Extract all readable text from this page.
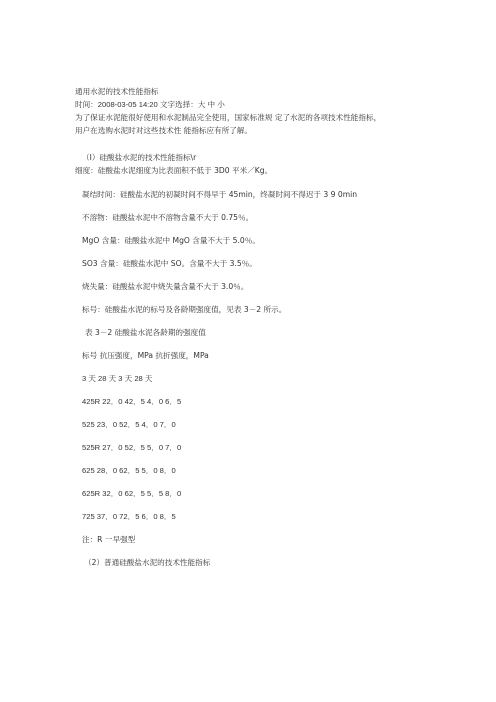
通用水泥的技术性能指标
时间：2008-03-05 14:20 文字选择：大 中 小
为了保证水泥能很好使用和水泥制品完全使用，国家标准规 定了水泥的各项技术性能指标，
用户在选购水泥时对这些技术性 能指标应有所了解。
（I）硅酸盐水泥的技术性能指标\r
细度：硅酸盐水泥细度为比表面积不低于 3D0 平米／Kg。
凝结时间：硅酸盐水泥的初凝时间不得早于 45min，终凝时间不得迟于 3 9 0min
不溶物：硅酸盐水泥中不溶物含量不大于 0.75％。
MgO 含量：硅酸盐水泥中 MgO 含量不大于 5.0％。
SO3 含量：硅酸盐水泥中 SO。含量不大于 3.5％。
烧失量：硅酸盐水泥中烧失量含量不大于 3.0％。
标号：硅酸盐水泥的标号及各龄期强度值，见表 3－2 所示。
表 3－2 硅酸盐水泥各龄期的强度值
标号 抗压强度，MPa 抗折强度，MPa
3 天 28 天 3 天 28 天
425R 22．0 42．5 4．0 6．5
525 23．0 52．5 4．0 7．0
525R 27．0 52．5 5．0 7．0
625 28．0 62．5 5．0 8．0
625R 32．0 62．5 5．5 8．0
725 37．0 72．5 6．0 8．5
注：R 一早强型
（2）普通硅酸盐水泥的技术性能指标
